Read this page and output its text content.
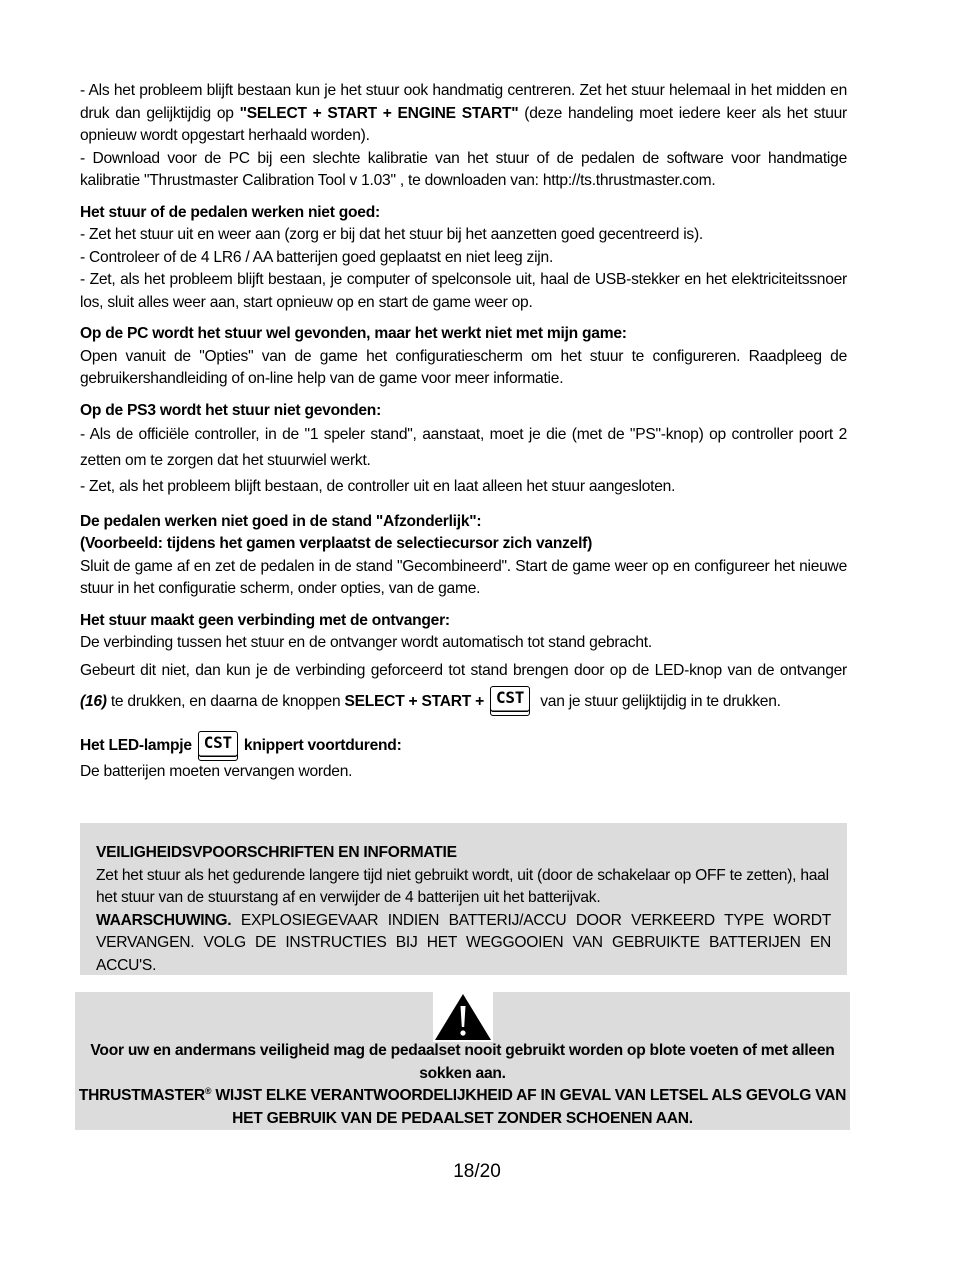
- Als het probleem blijft bestaan kun je het stuur ook handmatig centreren. Zet het stuur helemaal in het midden en druk dan gelijktijdig op "SELECT + START + ENGINE START" (deze handeling moet iedere keer als het stuur opnieuw wordt opgestart herhaald worden).

- Download voor de PC bij een slechte kalibratie van het stuur of de pedalen de software voor handmatige kalibratie "Thrustmaster Calibration Tool v 1.03" , te downloaden van: http://ts.thrustmaster.com.

Het stuur of de pedalen werken niet goed:

- Zet het stuur uit en weer aan (zorg er bij dat het stuur bij het aanzetten goed gecentreerd is).

- Controleer of de 4 LR6 / AA batterijen goed geplaatst en niet leeg zijn.

- Zet, als het probleem blijft bestaan, je computer of spelconsole uit, haal de USB-stekker en het elektriciteitssnoer los, sluit alles weer aan, start opnieuw op en start de game weer op.

Op de PC wordt het stuur wel gevonden, maar het werkt niet met mijn game:

Open vanuit de "Opties" van de game het configuratiescherm om het stuur te configureren. Raadpleeg de gebruikershandleiding of on-line help van de game voor meer informatie.

Op de PS3 wordt het stuur niet gevonden:

- Als de officiële controller, in de "1 speler stand", aanstaat, moet je die (met de "PS"-knop) op controller poort 2 zetten om te zorgen dat het stuurwiel werkt.

- Zet, als het probleem blijft bestaan, de controller uit en laat alleen het stuur aangesloten.

De pedalen werken niet goed in de stand "Afzonderlijk":

(Voorbeeld: tijdens het gamen verplaatst de selectiecursor zich vanzelf)

Sluit de game af en zet de pedalen in de stand "Gecombineerd". Start de game weer op en configureer het nieuwe stuur in het configuratie scherm, onder opties, van de game.

Het stuur maakt geen verbinding met de ontvanger:

De verbinding tussen het stuur en de ontvanger wordt automatisch tot stand gebracht.

Gebeurt dit niet, dan kun je de verbinding geforceerd tot stand brengen door op de LED-knop van de ontvanger (16) te drukken, en daarna de knoppen SELECT + START + CST van je stuur gelijktijdig in te drukken.

Het LED-lampje CST knippert voortdurend:

De batterijen moeten vervangen worden.

VEILIGHEIDSVPOORSCHRIFTEN EN INFORMATIE

Zet het stuur als het gedurende langere tijd niet gebruikt wordt, uit (door de schakelaar op OFF te zetten), haal het stuur van de stuurstang af en verwijder de 4 batterijen uit het batterijvak.

WAARSCHUWING. EXPLOSIEGEVAAR INDIEN BATTERIJ/ACCU DOOR VERKEERD TYPE WORDT VERVANGEN. VOLG DE INSTRUCTIES BIJ HET WEGGOOIEN VAN GEBRUIKTE BATTERIJEN EN ACCU'S.

Voor uw en andermans veiligheid mag de pedaalset nooit gebruikt worden op blote voeten of met alleen sokken aan.

THRUSTMASTER® WIJST ELKE VERANTWOORDELIJKHEID AF IN GEVAL VAN LETSEL ALS GEVOLG VAN HET GEBRUIK VAN DE PEDAALSET ZONDER SCHOENEN AAN.

18/20
